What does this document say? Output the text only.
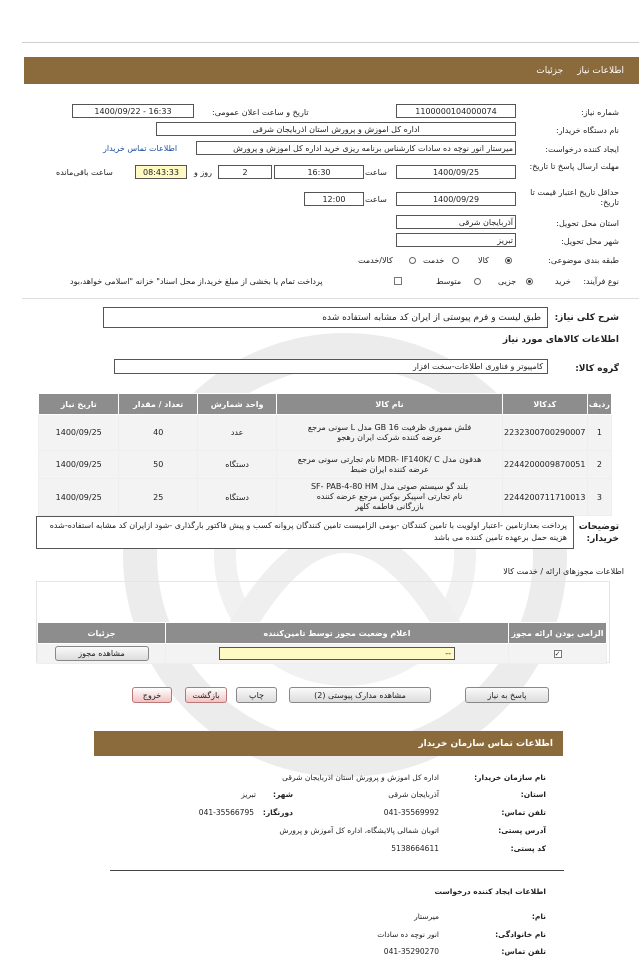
اطلاعات نیاز
جزئیات
شماره نیاز:
1100000104000074
تاریخ و ساعت اعلان عمومی:
1400/09/22 - 16:33
نام دستگاه خریدار:
اداره کل اموزش و پرورش استان اذربایجان شرقی
ایجاد کننده درخواست:
میرستار انور نوچه ده سادات کارشناس برنامه ریزی خرید اداره کل اموزش و پرورش
اطلاعات تماس خریدار
مهلت ارسال پاسخ تا تاریخ:
1400/09/25
ساعت
16:30
2
روز و
08:43:33
ساعت باقی‌مانده
حداقل تاریخ اعتبار قیمت تا تاریخ:
1400/09/29
ساعت
12:00
استان محل تحویل:
آذربایجان شرقی
شهر محل تحویل:
تبریز
طبقه بندی موضوعی:
کالا
خدمت
کالا/خدمت
نوع فرآیند:
خرید
جزیی
متوسط
پرداخت تمام یا بخشی از مبلغ خرید،از محل اسناد" خزانه "اسلامی خواهد،بود
شرح کلی نیاز:
طبق لیست و فرم پیوستی از ایران کد مشابه استفاده شده
اطلاعات کالاهای مورد نیاز
گروه کالا:
کامپیوتر و فناوری اطلاعات-سخت افزار
ردیف	کدکالا	نام کالا	واحد شمارش	تعداد / مقدار	تاریخ نیاز
1	2232300700290007	فلش مموری ظرفیت 16 GB مدل L سونی مرجع عرضه کننده شرکت ایران رهجو	عدد	40	1400/09/25
2	2244200009870051	هدفون مدل MDR- IF140K/ C نام تجارتی سونی مرجع عرضه کننده ایران ضبط	دستگاه	50	1400/09/25
3	2244200711710013	بلند گو سیستم صوتی مدل SF- PAB-4-80 HM نام تجارتی اسپیکر بوکس مرجع عرضه کننده بازرگانی فاطمه کلهر	دستگاه	25	1400/09/25
توضیحات خریدار:
پرداخت بعدازتامین -اعتبار اولویت با تامین کنندگان -بومی الزامیست تامین کنندگان پروانه کسب و پیش فاکتور بارگذاری -شود ازایران کد مشابه استفاده-شده هزینه حمل برعهده تامین کننده می باشد
اطلاعات مجوزهای ارائه / خدمت کالا
الزامی بودن ارائه مجوز	اعلام وضعیت مجوز توسط تامین‌کننده	جزئیات
✓	--	مشاهده مجوز
پاسخ به نیاز
مشاهده مدارک پیوستی (2)
چاپ
بازگشت
خروج
اطلاعات تماس سازمان خریدار
نام سازمان خریدار:
اداره کل اموزش و پرورش استان اذربایجان شرقی
استان:
آذربایجان شرقی
شهر:
تبریز
تلفن تماس:
041-35569992
دورنگار:
041-35566795
آدرس پستی:
اتوبان شمالی پالایشگاه، اداره کل آموزش و پرورش
کد پستی:
5138664611
اطلاعات ایجاد کننده درخواست
نام:
میرستار
نام خانوادگی:
انور نوچه ده سادات
تلفن تماس:
041-35290270
